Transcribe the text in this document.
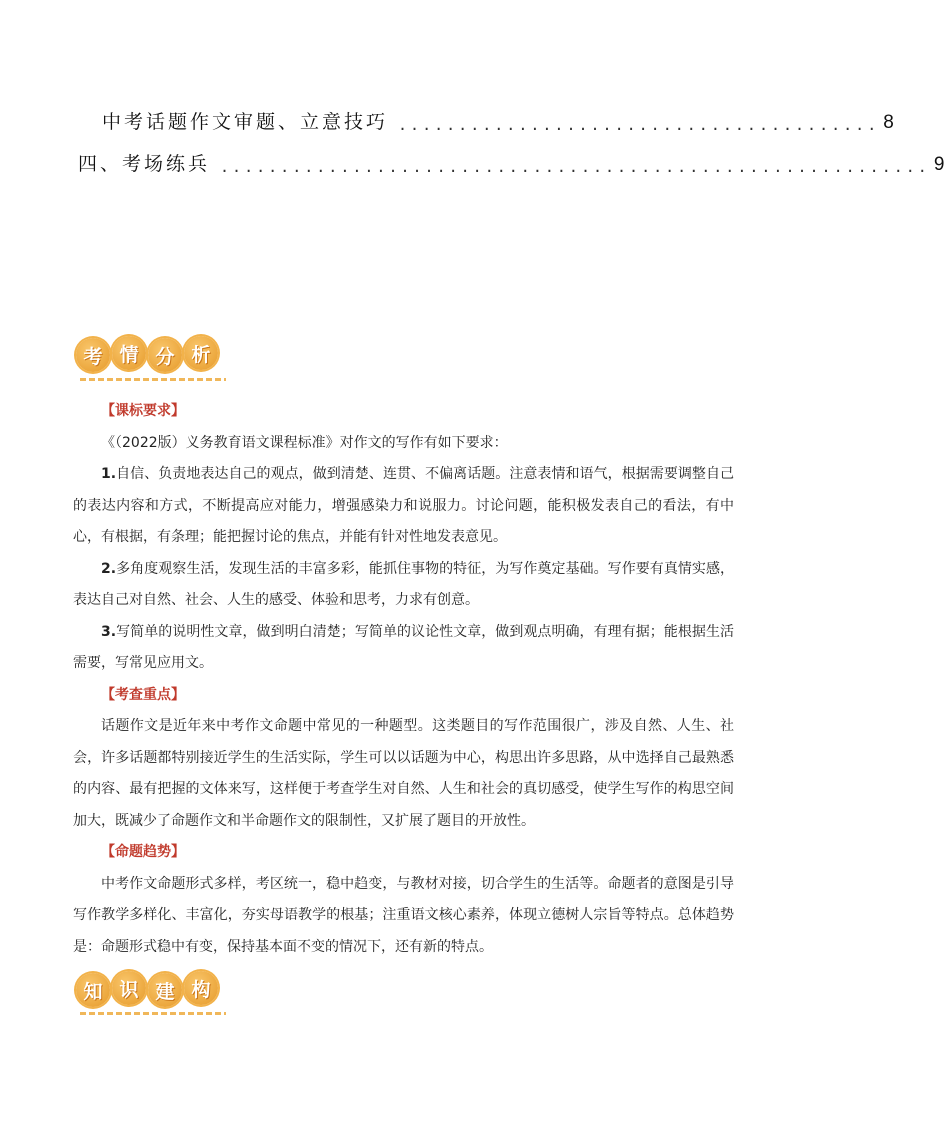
中考话题作文审题、立意技巧 ........................................ 8
四、考场练兵 ........................................................... 9
考 情 分 析

【课标要求】

《（2022版）义务教育语文课程标准》对作文的写作有如下要求：

1.自信、负责地表达自己的观点，做到清楚、连贯、不偏离话题。注意表情和语气，根据需要调整自己的表达内容和方式，不断提高应对能力，增强感染力和说服力。讨论问题，能积极发表自己的看法，有中心，有根据，有条理；能把握讨论的焦点，并能有针对性地发表意见。

2.多角度观察生活，发现生活的丰富多彩，能抓住事物的特征，为写作奠定基础。写作要有真情实感，表达自己对自然、社会、人生的感受、体验和思考，力求有创意。

3.写简单的说明性文章，做到明白清楚；写简单的议论性文章，做到观点明确，有理有据；能根据生活需要，写常见应用文。

【考查重点】

话题作文是近年来中考作文命题中常见的一种题型。这类题目的写作范围很广，涉及自然、人生、社会，许多话题都特别接近学生的生活实际，学生可以以话题为中心，构思出许多思路，从中选择自己最熟悉的内容、最有把握的文体来写，这样便于考查学生对自然、人生和社会的真切感受，使学生写作的构思空间加大，既减少了命题作文和半命题作文的限制性，又扩展了题目的开放性。

【命题趋势】

中考作文命题形式多样，考区统一，稳中趋变，与教材对接，切合学生的生活等。命题者的意图是引导写作教学多样化、丰富化，夯实母语教学的根基；注重语文核心素养，体现立德树人宗旨等特点。总体趋势是：命题形式稳中有变，保持基本面不变的情况下，还有新的特点。

知 识 建 构
